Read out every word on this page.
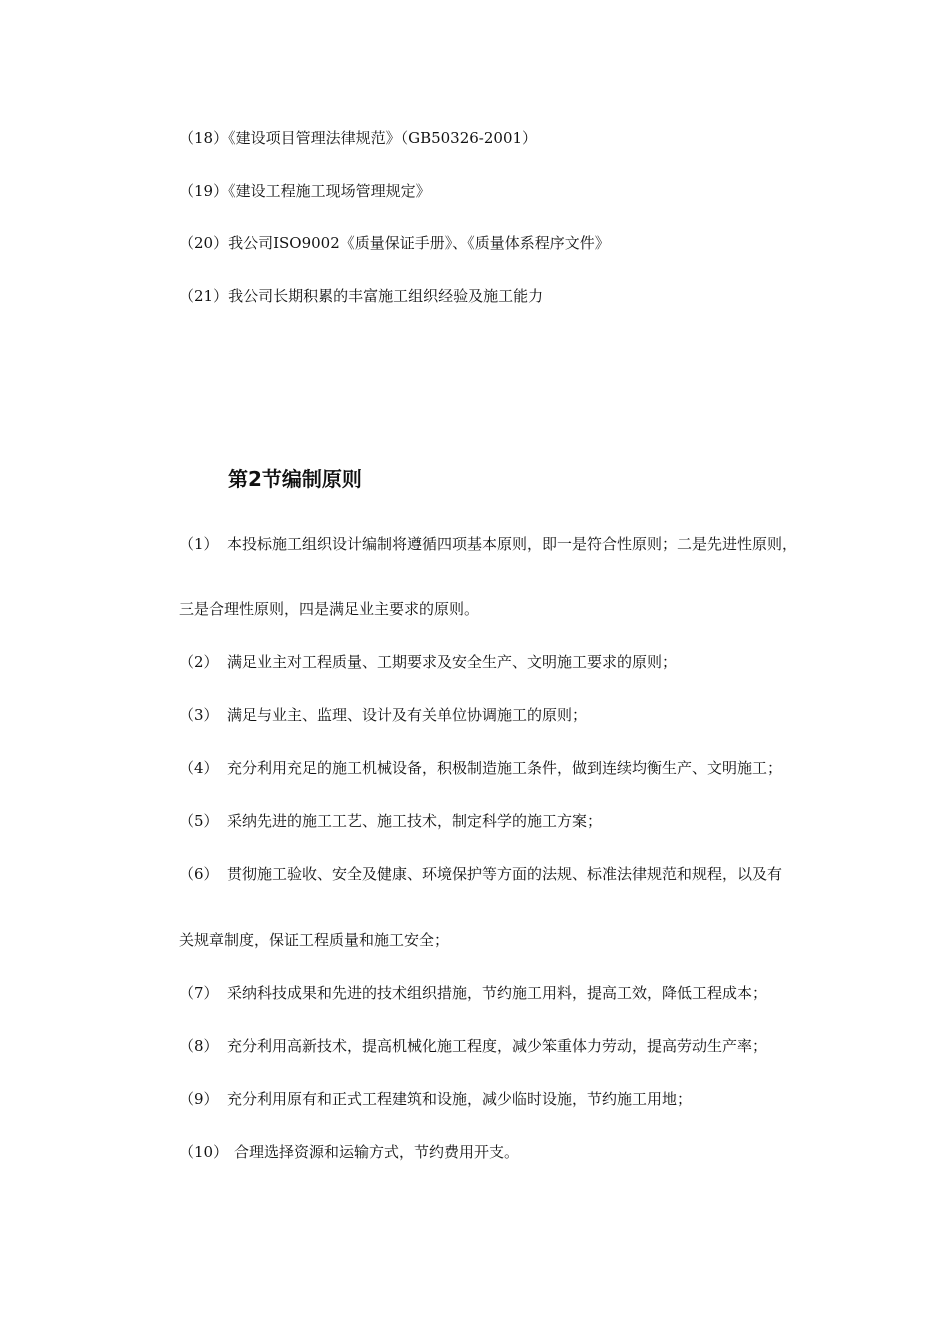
（18）《建设项目管理法律规范》（GB50326-2001）
（19）《建设工程施工现场管理规定》
（20）我公司ISO9002《质量保证手册》、《质量体系程序文件》
（21）我公司长期积累的丰富施工组织经验及施工能力
第2节编制原则
（1） 本投标施工组织设计编制将遵循四项基本原则，即一是符合性原则；二是先进性原则，
三是合理性原则，四是满足业主要求的原则。
（2） 满足业主对工程质量、工期要求及安全生产、文明施工要求的原则；
（3） 满足与业主、监理、设计及有关单位协调施工的原则；
（4） 充分利用充足的施工机械设备，积极制造施工条件，做到连续均衡生产、文明施工；
（5） 采纳先进的施工工艺、施工技术，制定科学的施工方案；
（6） 贯彻施工验收、安全及健康、环境保护等方面的法规、标准法律规范和规程，以及有
关规章制度，保证工程质量和施工安全；
（7） 采纳科技成果和先进的技术组织措施，节约施工用料，提高工效，降低工程成本；
（8） 充分利用高新技术，提高机械化施工程度，减少笨重体力劳动，提高劳动生产率；
（9） 充分利用原有和正式工程建筑和设施，减少临时设施，节约施工用地；
（10） 合理选择资源和运输方式，节约费用开支。
